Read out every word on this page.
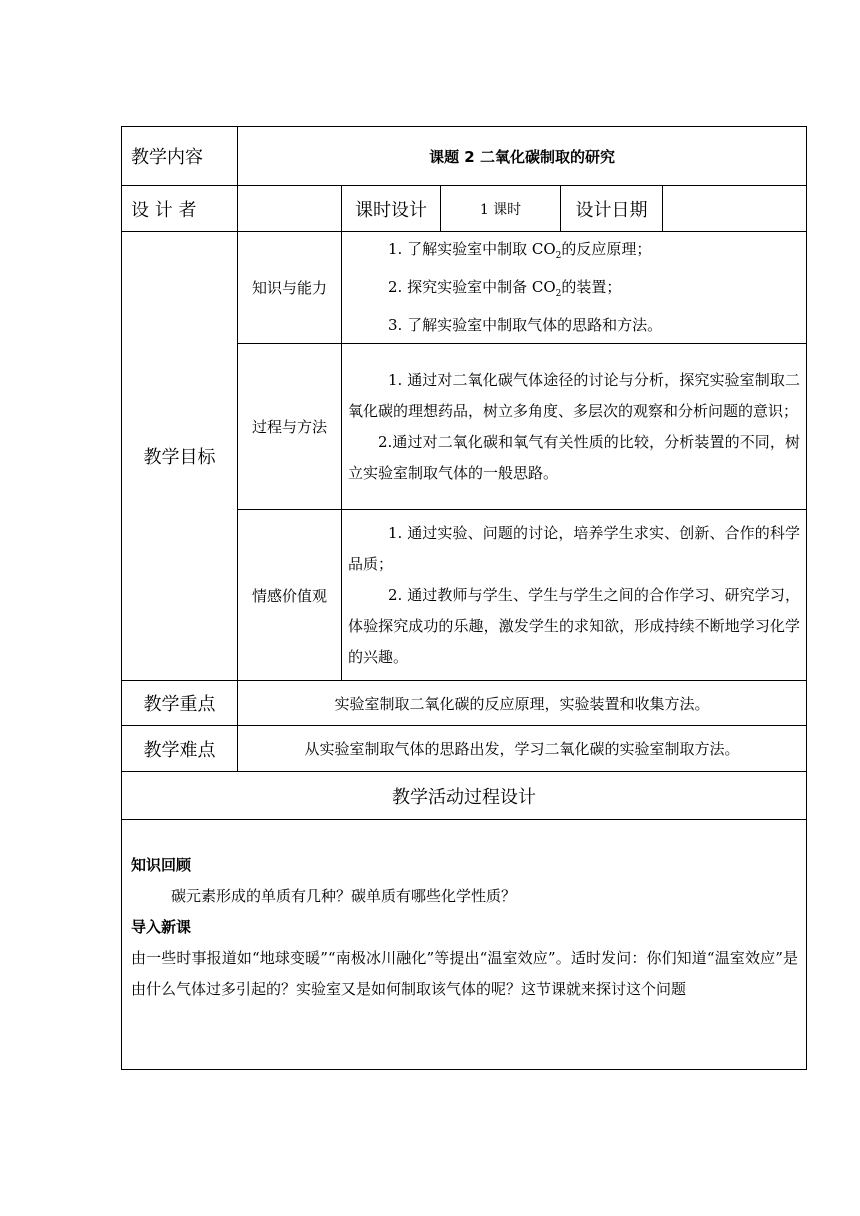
教学内容	课题 2 二氧化碳制取的研究				
设 计 者		课时设计	1 课时	设计日期	
教学目标	知识与能力	1. 了解实验室中制取 $CO_2$的反应原理；

2. 探究实验室中制备 $CO_2$的装置；

3. 了解实验室中制取气体的思路和方法。			

	过程与方法	1. 通过对二氧化碳气体途径的讨论与分析，探究实验室制取二氧化碳的理想药品，树立多角度、多层次的观察和分析问题的意识；

2.通过对二氧化碳和氧气有关性质的比较，分析装置的不同，树立实验室制取气体的一般思路。			

	情感价值观	1. 通过实验、问题的讨论，培养学生求实、创新、合作的科学品质；

2. 通过教师与学生、学生与学生之间的合作学习、研究学习，体验探究成功的乐趣，激发学生的求知欲，形成持续不断地学习化学的兴趣。			

教学重点	实验室制取二氧化碳的反应原理，实验装置和收集方法。				
教学难点	从实验室制取气体的思路出发，学习二氧化碳的实验室制取方法。				
教学活动过程设计					

知识回顾

碳元素形成的单质有几种？碳单质有哪些化学性质？

导入新课

由一些时事报道如“地球变暖”“南极冰川融化”等提出“温室效应”。适时发问：你们知道“温室效应”是由什么气体过多引起的？实验室又是如何制取该气体的呢？这节课就来探讨这个问题					
